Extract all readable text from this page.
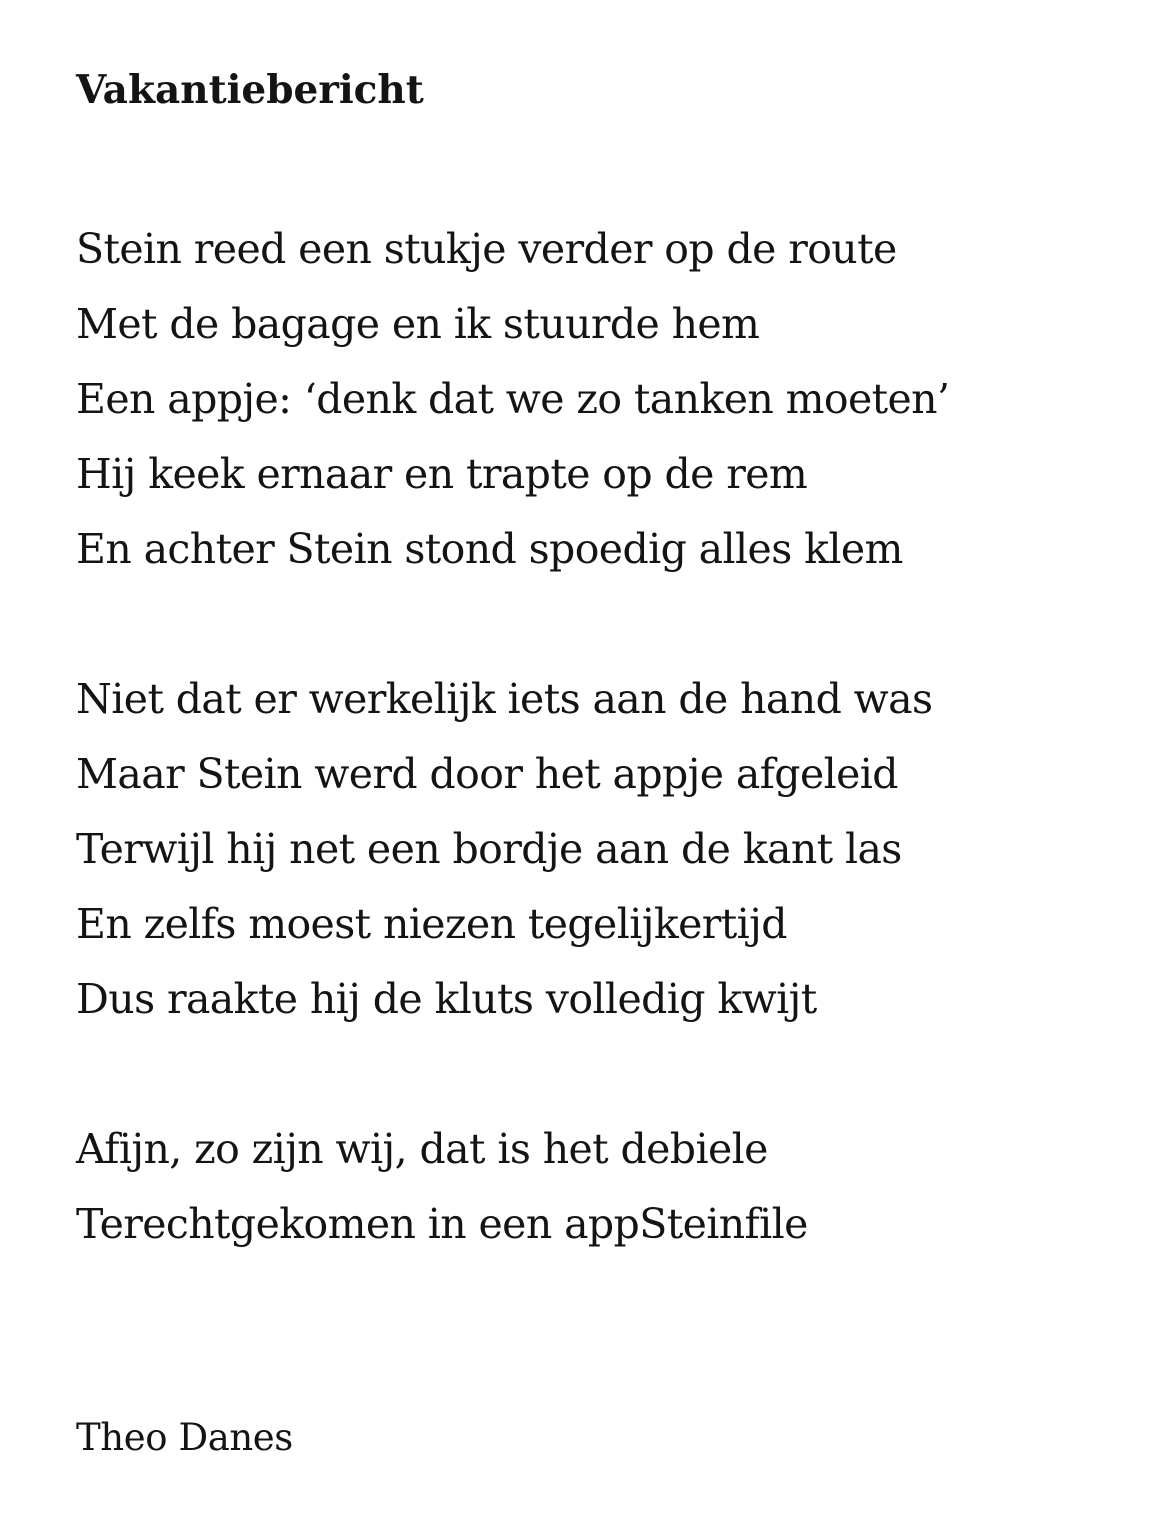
Vakantiebericht
Stein reed een stukje verder op de route
Met de bagage en ik stuurde hem
Een appje: ‘denk dat we zo tanken moeten’
Hij keek ernaar en trapte op de rem
En achter Stein stond spoedig alles klem
Niet dat er werkelijk iets aan de hand was
Maar Stein werd door het appje afgeleid
Terwijl hij net een bordje aan de kant las
En zelfs moest niezen tegelijkertijd
Dus raakte hij de kluts volledig kwijt
Afijn, zo zijn wij, dat is het debiele
Terechtgekomen in een appSteinfile

Theo Danes
